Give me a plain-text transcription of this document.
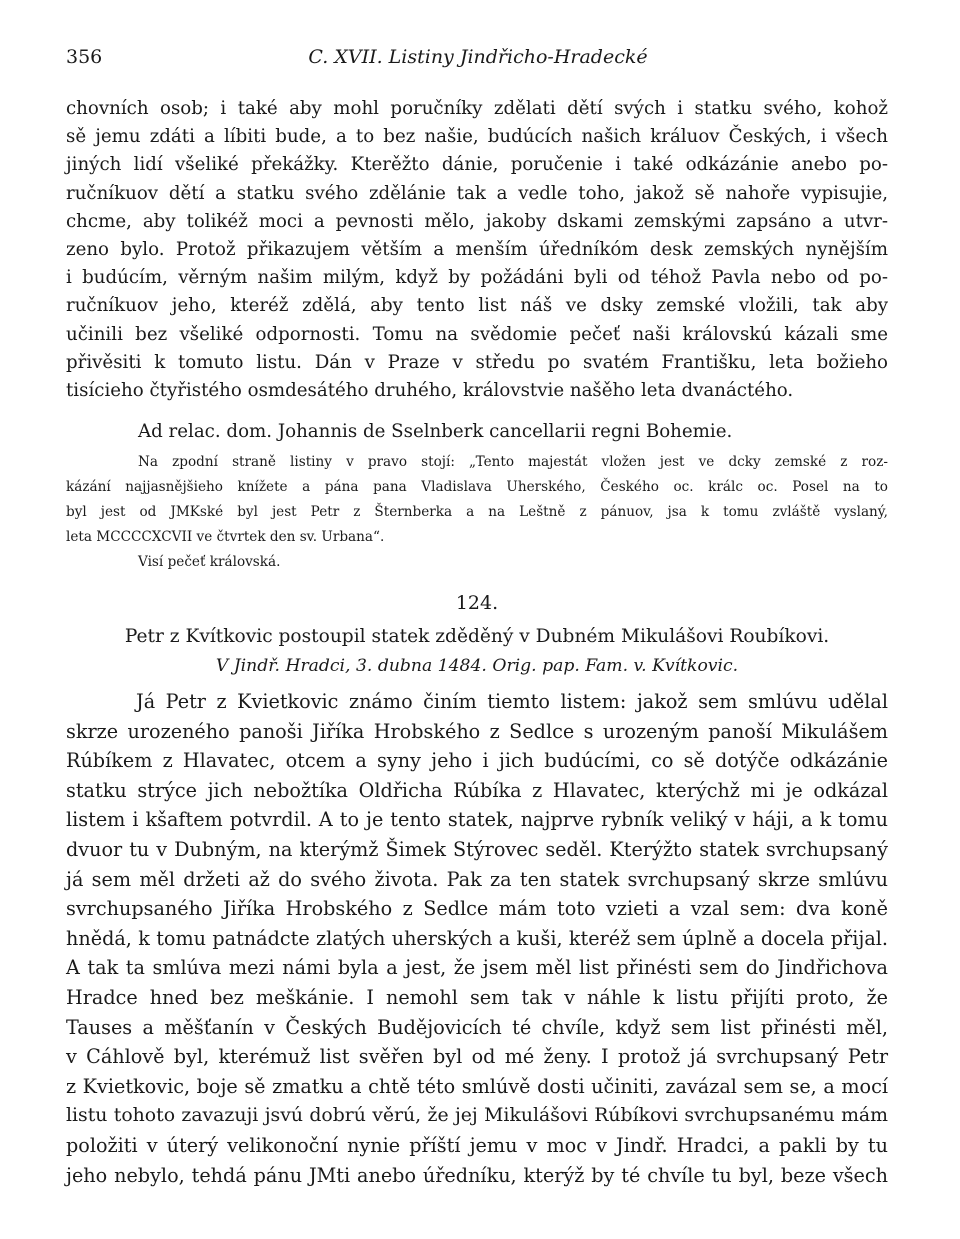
356	C. XVII. Listiny Jindřicho-Hradecké
chovních osob; i také aby mohl poručníky zdělati dětí svých i statku svého, kohož
sě jemu zdáti a líbiti bude, a to bez našie, budúcích našich králuov Českých, i všech
jiných lidí všeliké překážky. Kterěžto dánie, poručenie i také odkázánie anebo po-
ručníkuov dětí a statku svého zdělánie tak a vedle toho, jakož sě nahoře vypisujie,
chcme, aby tolikéž moci a pevnosti mělo, jakoby dskami zemskými zapsáno a utvr-
zeno bylo. Protož přikazujem větším a menším úředníkóm desk zemských nynějším
i budúcím, věrným našim milým, když by požádáni byli od téhož Pavla nebo od po-
ručníkuov jeho, kteréž zdělá, aby tento list náš ve dsky zemské vložili, tak aby
učinili bez všeliké odpornosti. Tomu na svědomie pečeť naši královskú kázali sme
přivěsiti k tomuto listu. Dán v Praze v středu po svatém Františku, leta božieho
tisícieho čtyřistého osmdesátého druhého, královstvie našěho leta dvanáctého.
Ad relac. dom. Johannis de Sselnberk cancellarii regni Bohemie.
Na zpodní straně listiny v pravo stojí: „Tento majestát vložen jest ve dcky zemské z roz-
kázání najjasnějšieho knížete a pána pana Vladislava Uherského, Českého oc. králc oc. Posel na to
byl jest od JMKské byl jest Petr z Šternberka a na Leštně z pánuov, jsa k tomu zvláště vyslaný,
leta MCCCCXCVII ve čtvrtek den sv. Urbana“.
Visí pečeť královská.
124.
Petr z Kvítkovic postoupil statek zděděný v Dubném Mikulášovi Roubíkovi.
V Jindř. Hradci, 3. dubna 1484. Orig. pap. Fam. v. Kvítkovic.
Já Petr z Kvietkovic známo činím tiemto listem: jakož sem smlúvu udělal
skrze urozeného panoši Jiříka Hrobského z Sedlce s urozeným panoší Mikulášem
Rúbíkem z Hlavatec, otcem a syny jeho i jich budúcími, co sě dotýče odkázánie
statku strýce jich nebožtíka Oldřicha Rúbíka z Hlavatec, kterýchž mi je odkázal
listem i kšaftem potvrdil. A to je tento statek, najprve rybník veliký v háji, a k tomu
dvuor tu v Dubným, na kterýmž Šimek Stýrovec seděl. Kterýžto statek svrchupsaný
já sem měl držeti až do svého života. Pak za ten statek svrchupsaný skrze smlúvu
svrchupsaného Jiříka Hrobského z Sedlce mám toto vzieti a vzal sem: dva koně
hnědá, k tomu patnádcte zlatých uherských a kuši, kteréž sem úplně a docela přijal.
A tak ta smlúva mezi námi byla a jest, že jsem měl list přinésti sem do Jindřichova
Hradce hned bez meškánie. I nemohl sem tak v náhle k listu přijíti proto, že
Tauses a měšťanín v Českých Budějovicích té chvíle, když sem list přinésti měl,
v Cáhlově byl, kterémuž list svěřen byl od mé ženy. I protož já svrchupsaný Petr
z Kvietkovic, boje sě zmatku a chtě této smlúvě dosti učiniti, zavázal sem se, a mocí
listu tohoto zavazuji jsvú dobrú věrú, že jej Mikulášovi Rúbíkovi svrchupsanému mám
položiti v úterý velikonoční nynie příští jemu v moc v Jindř. Hradci, a pakli by tu
jeho nebylo, tehdá pánu JMti anebo úředníku, kterýž by té chvíle tu byl, beze všech
